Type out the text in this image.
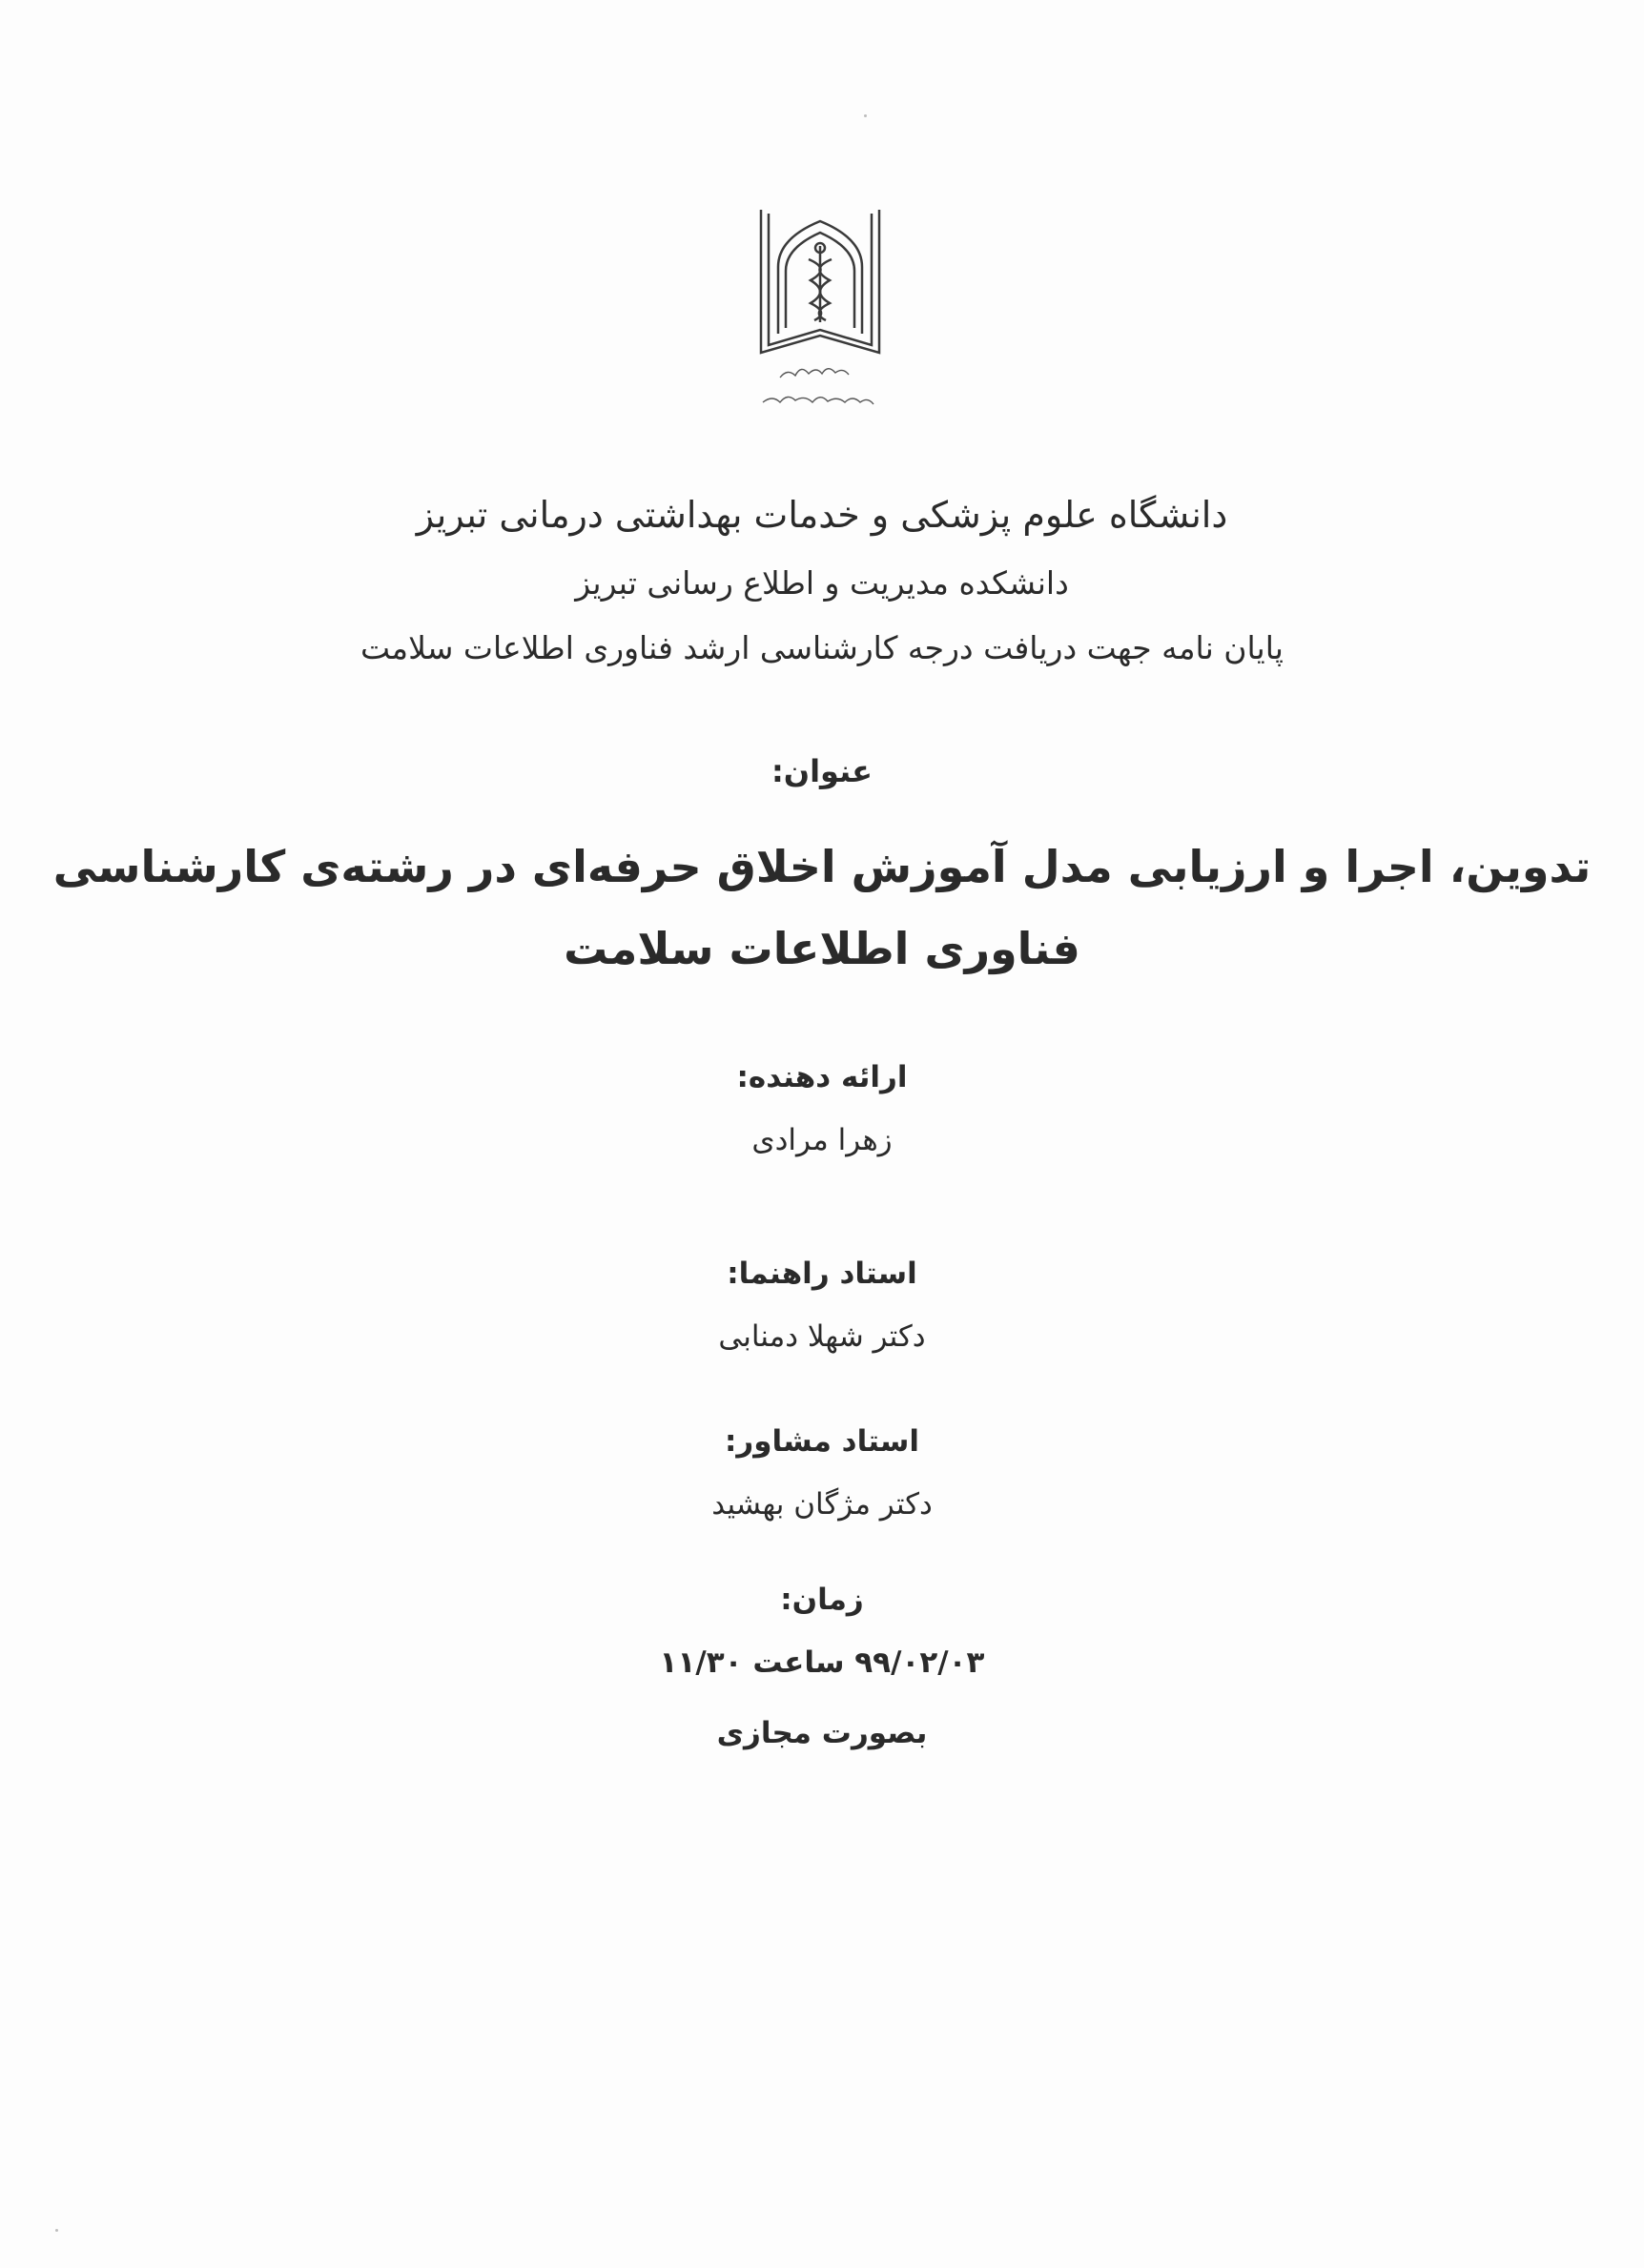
دانشگاه علوم پزشکی و خدمات بهداشتی درمانی تبریز
دانشکده مدیریت و اطلاع رسانی تبریز
پایان نامه جهت دریافت درجه کارشناسی ارشد فناوری اطلاعات سلامت
عنوان:
تدوین، اجرا و ارزیابی مدل آموزش اخلاق حرفه‌ای در رشته‌ی کارشناسی
فناوری اطلاعات سلامت
ارائه دهنده:
زهرا مرادی
استاد راهنما:
دکتر شهلا دمنابی
استاد مشاور:
دکتر مژگان بهشید
زمان:
۹۹/۰۲/۰۳ ساعت ۱۱/۳۰
بصورت مجازی
